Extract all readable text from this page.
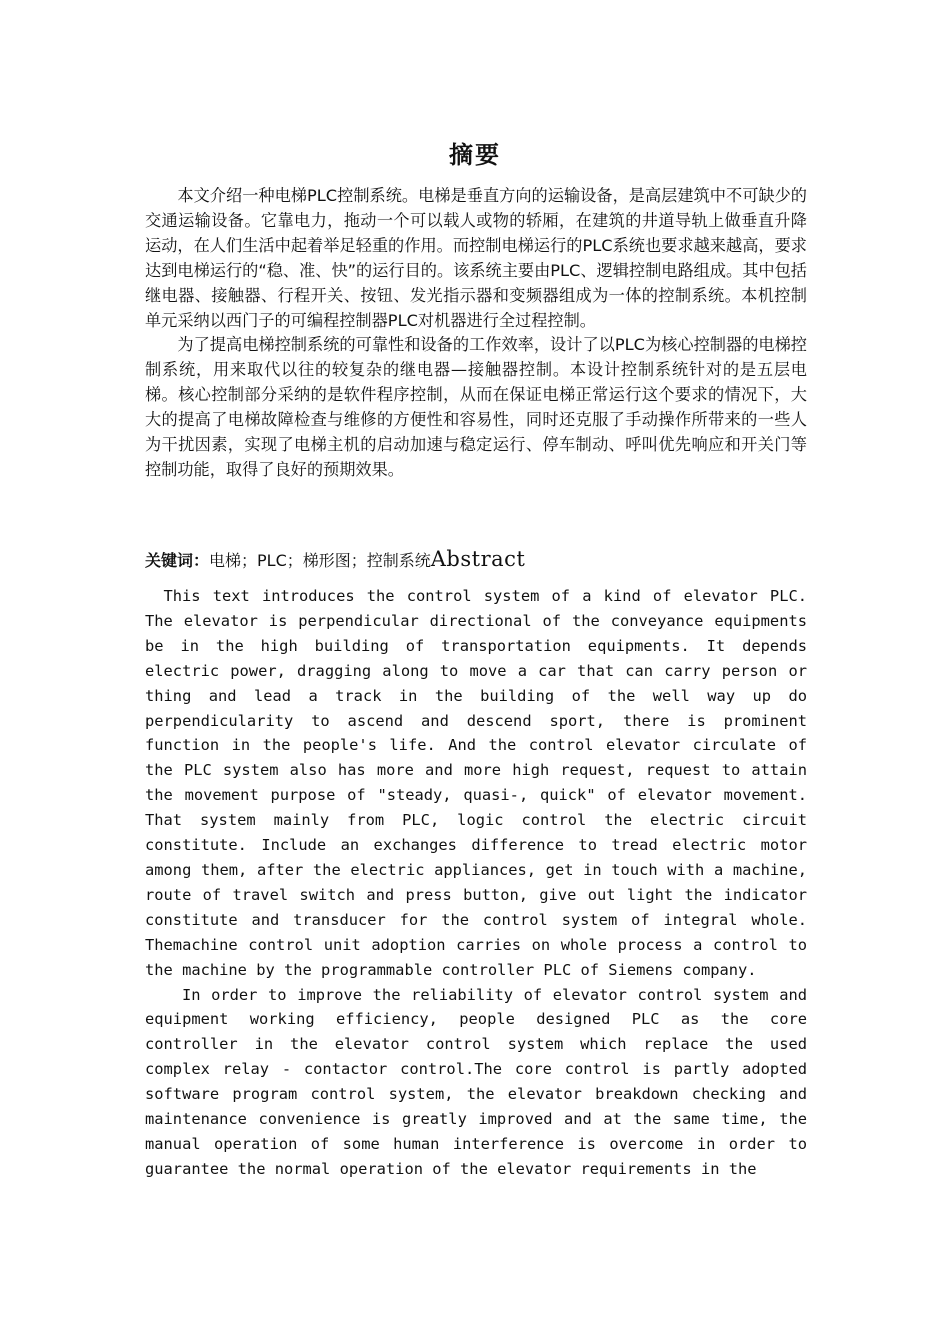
摘要

本文介绍一种电梯PLC控制系统。电梯是垂直方向的运输设备，是高层建筑中不可缺少的交通运输设备。它靠电力，拖动一个可以载人或物的轿厢，在建筑的井道导轨上做垂直升降运动，在人们生活中起着举足轻重的作用。而控制电梯运行的PLC系统也要求越来越高，要求达到电梯运行的“稳、准、快”的运行目的。该系统主要由PLC、逻辑控制电路组成。其中包括继电器、接触器、行程开关、按钮、发光指示器和变频器组成为一体的控制系统。本机控制单元采纳以西门子的可编程控制器PLC对机器进行全过程控制。

为了提高电梯控制系统的可靠性和设备的工作效率，设计了以PLC为核心控制器的电梯控制系统，用来取代以往的较复杂的继电器—接触器控制。本设计控制系统针对的是五层电梯。核心控制部分采纳的是软件程序控制，从而在保证电梯正常运行这个要求的情况下，大大的提高了电梯故障检查与维修的方便性和容易性，同时还克服了手动操作所带来的一些人为干扰因素，实现了电梯主机的启动加速与稳定运行、停车制动、呼叫优先响应和开关门等控制功能，取得了良好的预期效果。

关键词：电梯；PLC；梯形图；控制系统Abstract

This text introduces the control system of a kind of elevator PLC. The elevator is perpendicular directional of the conveyance equipments be in the high building of transportation equipments. It depends electric power, dragging along to move a car that can carry person or thing and lead a track in the building of the well way up do perpendicularity to ascend and descend sport, there is prominent function in the people's life. And the control elevator circulate of the PLC system also has more and more high request, request to attain the movement purpose of "steady, quasi-, quick" of elevator movement. That system mainly from PLC, logic control the electric circuit constitute. Include an exchanges difference to tread electric motor among them, after the electric appliances, get in touch with a machine, route of travel switch and press button, give out light the indicator constitute and transducer for the control system of integral whole. Themachine control unit adoption carries on whole process a control to the machine by the programmable controller PLC of Siemens company.

In order to improve the reliability of elevator control system and equipment working efficiency, people designed PLC as the core controller in the elevator control system which replace the used complex relay - contactor control.The core control is partly adopted software program control system, the elevator breakdown checking and maintenance convenience is greatly improved and at the same time, the manual operation of some human interference is overcome in order to guarantee the normal operation of the elevator requirements in the
